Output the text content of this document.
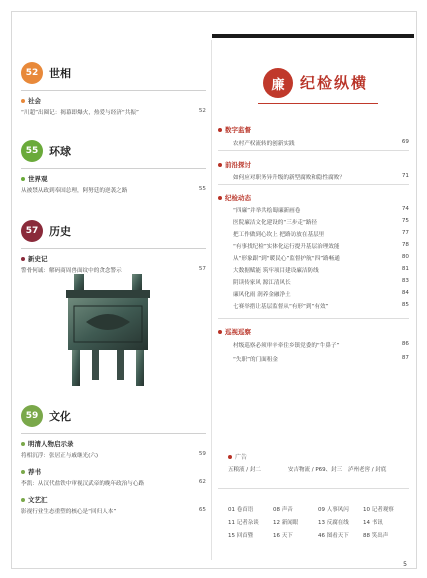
52 世相
社会
“川超”出圈记：揭幕即爆火，热爱与经济“共振”	52
55 环球
世界观
从被禁从政到奉国总理，阿努廷的逆袭之路	55
57 历史
新史记
警骨何诚：解码商周兽面纹中的贪念警示	57
59 文化
明清人物启示录
将相沉浮：张居正与戚继光(六)	59
荐书
李凯：从汉代盐铁中审视汉武帝的晚年政治与心路	62
文艺汇
影视行业生态重塑的核心是“回归人本”	65
廉	纪检纵横
数字监督
农村产权流转的创新实践	69
前沿探讨
如何应对职务异升级的新型腐败和隐性腐败？	71
纪检动态
“四廉”并举共绘蜀廉新画卷	74
医院廉洁文化建设的“三步走”路径	75
把工作做到心坎上 把路访放在基层里	77
“有事找纪检”实体化运行提升基层治理效能	78
从“形象跟”到“暖民心”监督护航“四”路畅通	80
大数据赋能 筑牢项目建设廉洁防线	81
阴读传家风 源江清风长	83
廉风化雨 润养金融净土	84
七赛举措让基层监督从“有形”到“有效”	85
巡视巡察
村级巡察必须审辛牵住乡镇党委的“牛鼻子”	86
“失职”的门面租金	87
广告
五粮液 / 封二	安吉物流 / P69、封三	泸州老窖 / 封底
01 卷首语	08 声音	09 人事风闪	10 记者观察
11 记者杂谈	12 新闻眼	13 反腐在线	14 书讯
15 回首暨	16 天下	46 图看天下	88 笑出声
5
